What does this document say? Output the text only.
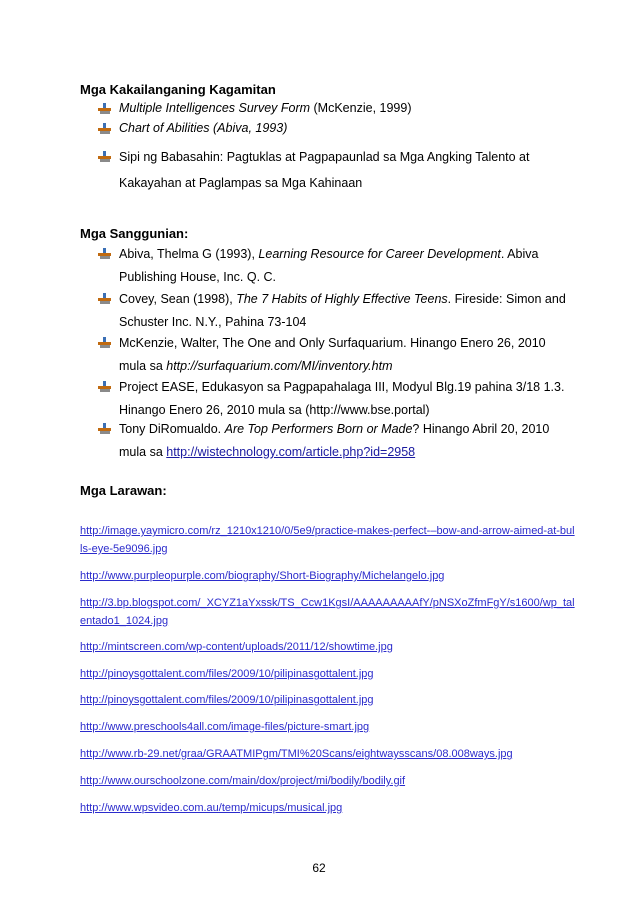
Mga Kakailanganing Kagamitan
Multiple Intelligences Survey Form (McKenzie, 1999)
Chart of Abilities (Abiva, 1993)
Sipi ng Babasahin: Pagtuklas at Pagpapaunlad sa Mga Angking Talento at Kakayahan at Paglampas sa Mga Kahinaan
Mga Sanggunian:
Abiva, Thelma G (1993), Learning Resource for Career Development. Abiva Publishing House, Inc. Q. C.
Covey, Sean (1998), The 7 Habits of Highly Effective Teens. Fireside: Simon and Schuster Inc. N.Y., Pahina 73-104
McKenzie, Walter, The One and Only Surfaquarium. Hinango Enero 26, 2010 mula sa http://surfaquarium.com/MI/inventory.htm
Project EASE, Edukasyon sa Pagpapahalaga III, Modyul Blg.19 pahina 3/18 1.3. Hinango Enero 26, 2010 mula sa (http://www.bse.portal)
Tony DiRomualdo. Are Top Performers Born or Made? Hinango Abril 20, 2010 mula sa http://wistechnology.com/article.php?id=2958
Mga Larawan:
http://image.yaymicro.com/rz_1210x1210/0/5e9/practice-makes-perfect-–bow-and-arrow-aimed-at-bulls-eye-5e9096.jpg
http://www.purpleopurple.com/biography/Short-Biography/Michelangelo.jpg
http://3.bp.blogspot.com/_XCYZ1aYxssk/TS_Ccw1KgsI/AAAAAAAAAfY/pNSXoZfmFgY/s1600/wp_talentado1_1024.jpg
http://mintscreen.com/wp-content/uploads/2011/12/showtime.jpg
http://pinoysgottalent.com/files/2009/10/pilipinasgottalent.jpg
http://pinoysgottalent.com/files/2009/10/pilipinasgottalent.jpg
http://www.preschools4all.com/image-files/picture-smart.jpg
http://www.rb-29.net/graa/GRAATMIPgm/TMI%20Scans/eightwaysscans/08.008ways.jpg
http://www.ourschoolzone.com/main/dox/project/mi/bodily/bodily.gif
http://www.wpsvideo.com.au/temp/micups/musical.jpg
62
